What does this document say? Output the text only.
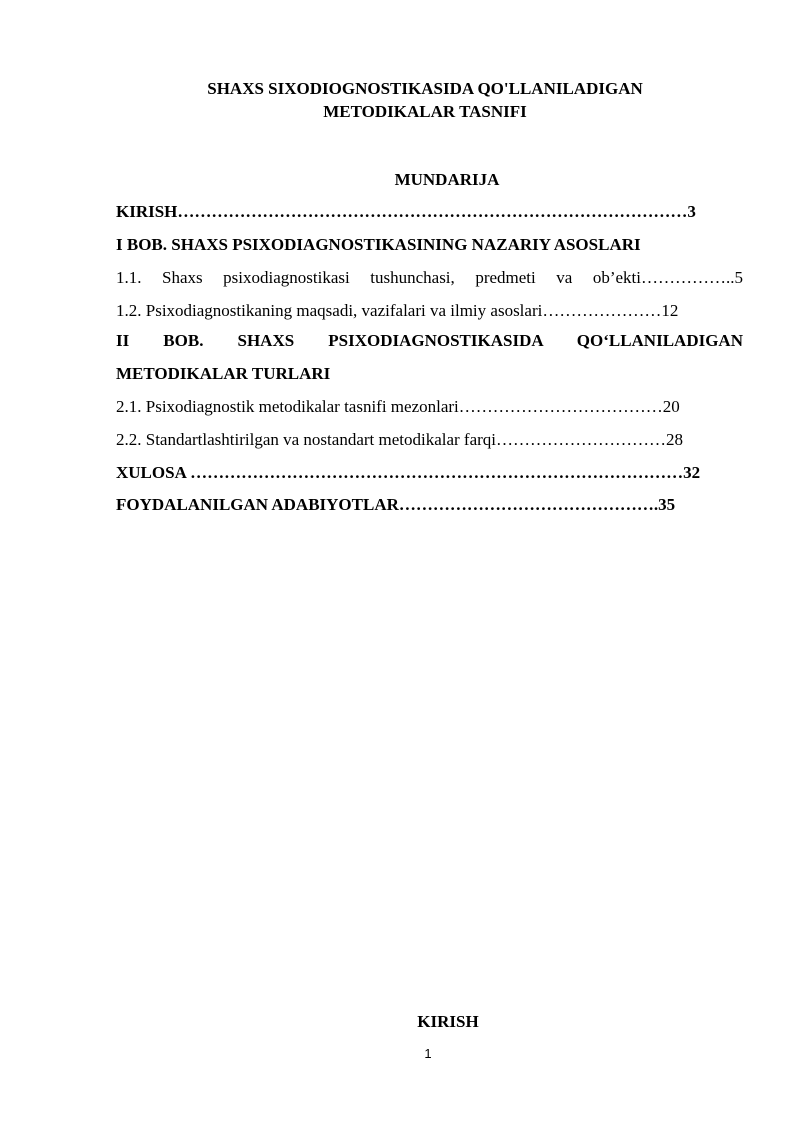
SHAXS SIXODIOGNOSTIKASIDA QO'LLANILADIGAN
METODIKALAR TASNIFI
MUNDARIJA
KIRISH………………………………………………………………………………3
I BOB. SHAXS PSIXODIAGNOSTIKASINING NAZARIY ASOSLARI
1.1. Shaxs psixodiagnostikasi tushunchasi, predmeti va ob’ekti……………..5
1.2. Psixodiagnostikaning maqsadi, vazifalari va ilmiy asoslari…………………12
II BOB. SHAXS PSIXODIAGNOSTIKASIDA QO‘LLANILADIGAN
METODIKALAR TURLARI
2.1. Psixodiagnostik metodikalar tasnifi mezonlari………………………………20
2.2. Standartlashtirilgan va nostandart metodikalar farqi…………………………28
XULOSA ……………………………………………………………………………32
FOYDALANILGAN ADABIYOTLAR……………………………………….35
KIRISH
1
